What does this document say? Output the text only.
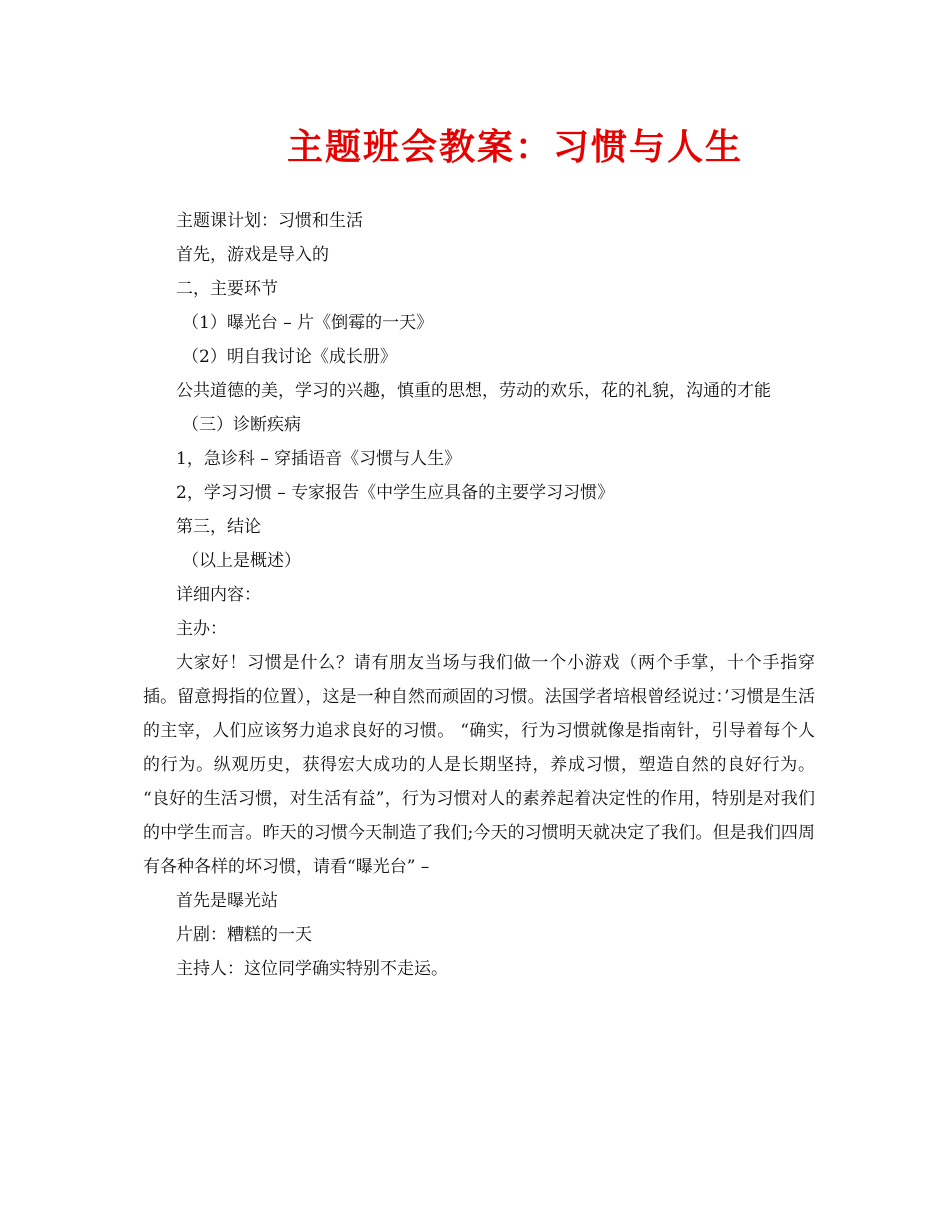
主题班会教案：习惯与人生
主题课计划：习惯和生活
首先，游戏是导入的
二，主要环节
（1）曝光台 – 片《倒霉的一天》
（2）明自我讨论《成长册》
公共道德的美，学习的兴趣，慎重的思想，劳动的欢乐，花的礼貌，沟通的才能
（三）诊断疾病
1，急诊科 – 穿插语音《习惯与人生》
2，学习习惯 – 专家报告《中学生应具备的主要学习习惯》
第三，结论
（以上是概述）
详细内容：
主办：
大家好！习惯是什么？请有朋友当场与我们做一个小游戏（两个手掌，十个手指穿插。留意拇指的位置），这是一种自然而顽固的习惯。法国学者培根曾经说过：’习惯是生活的主宰，人们应该努力追求良好的习惯。 “确实，行为习惯就像是指南针，引导着每个人的行为。纵观历史，获得宏大成功的人是长期坚持，养成习惯，塑造自然的良好行为。 “良好的生活习惯，对生活有益”，行为习惯对人的素养起着决定性的作用，特别是对我们的中学生而言。昨天的习惯今天制造了我们;今天的习惯明天就决定了我们。但是我们四周有各种各样的坏习惯，请看“曝光台” –
首先是曝光站
片剧：糟糕的一天
主持人：这位同学确实特别不走运。
